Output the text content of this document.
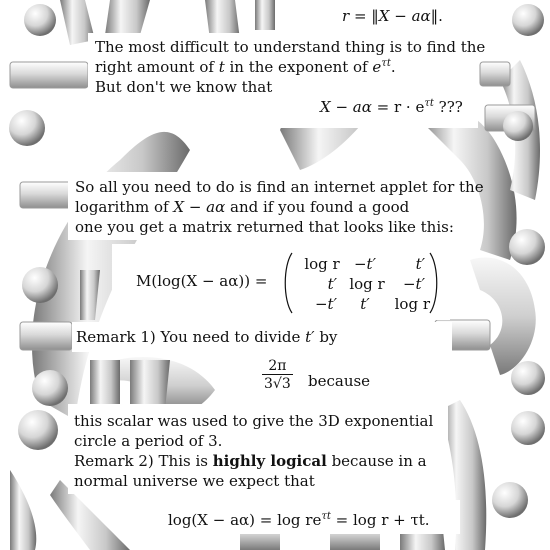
r = ‖X − aα‖.
The most difficult to understand thing is to find the
right amount of t in the exponent of $e^{\tau t}$.
But don't we know that
$X - a\alpha = r \cdot e^{\tau t}$ ???
So all you need to do is find an internet applet for the
logarithm of X − aα and if you found a good
one you get a matrix returned that looks like this:
M(log(X − aα)) =
log r −t′	t′
t′ log r	−t′
−t′	t′	log r
Remark 1) You need to divide t′ by
$\frac{2\pi}{3√3}$ because
this scalar was used to give the 3D exponential
circle a period of 3.
Remark 2) This is highly logical because in a
normal universe we expect that
$\log(X - a\alpha) = \log re^{\tau t} = \log r + \tau t$.
